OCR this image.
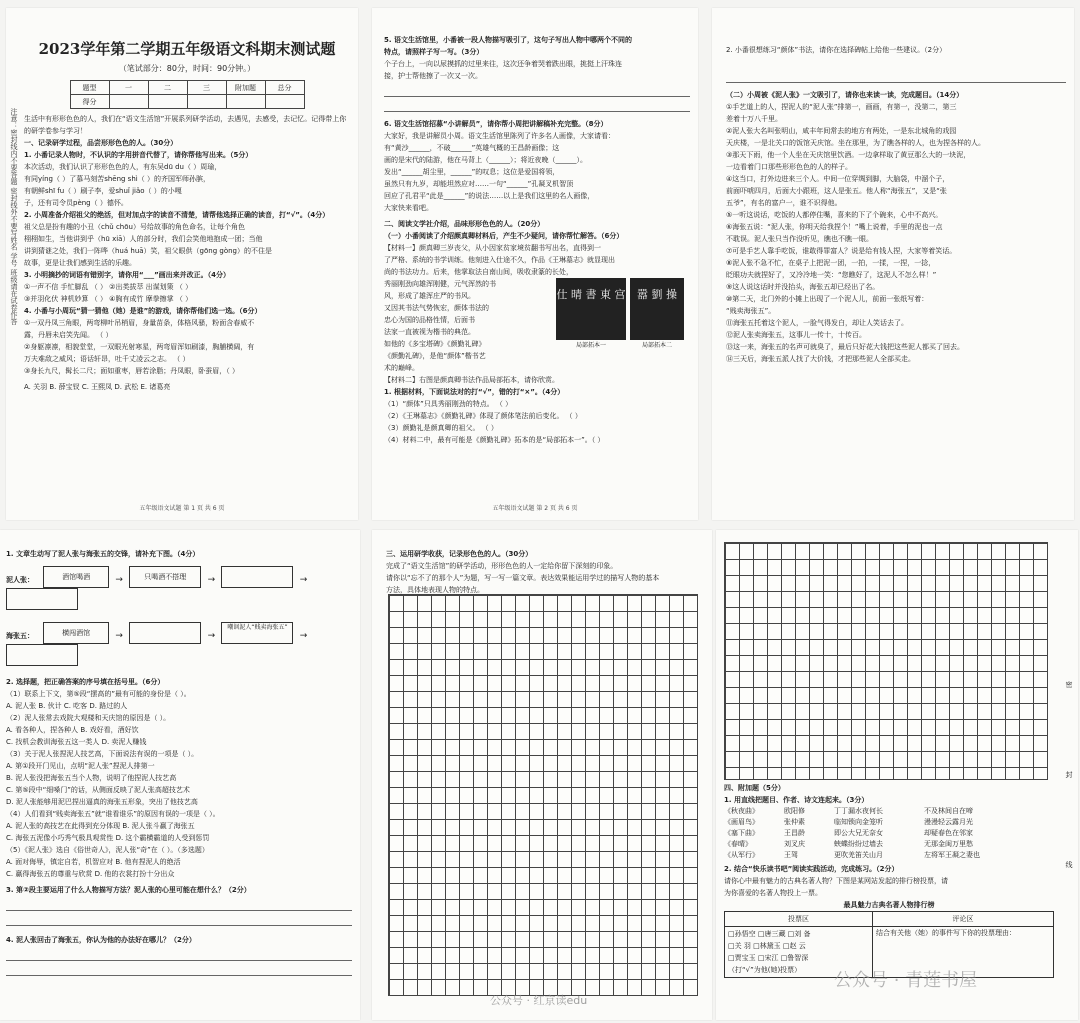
注意：密封线内不要答题 密封线外不要写姓名 学号 班级请在试卷作答
2023学年第二学期五年级语文科期末测试题
（笔试部分：80分，时间：90分钟。）
题型	一	二	三	附加题	总分
得分					
生活中有形形色色的人，我们在“语文生活馆”开展系列研学活动，去遇见，去感受，去记忆。记得带上你的研学卷参与学习！
一、记录研学过程，品尝形形色色的人。（30分）
1. 小番记录人物时，不认识的字用拼音代替了，请你帮他写出来。（5分）
本次活动，我们认识了形形色色的人，有东吴dū du（ ）周瑜，
有同yíng（ ）了慕马刻苦shēng shì（ ）的齐国军师孙膑，
有朝鲜shī fu（ ）刷子李，爱shuǐ jiǎo（ ）的小嘎
子，还有司令员pèng（ ）德怀。
2. 小周准备介绍祖父的绝活，但对加点字的读音不清楚，请帮他选择正确的读音，打“√”。（4分）
祖父总是扮有趣的小丑（chǔ chōu）号给故事的角色命名，让每个角色
栩栩如生，当他讲到乎（hū xiā）人的部分时，我们会笑他地抱成一团；当他
讲到猜谜之处，我们一阵哗（huá huā）笑，祖父眼供（gōng gòng）的不住是
故事，更是让我们感到生活的乐趣。
3. 小明摘抄的词语有错别字，请你用“___”画出来并改正。（4分）
①一声不信 手忙脚乱 （ ） ②出类拔萃 出谋划策 （ ）
③并羽化伏 神机妙算 （ ） ④胸有成竹 摩拳擦掌 （ ）
4. 小番与小周玩“猜一猜他（她）是谁”的游戏，请你帮他们选一选。（6分）
①一双丹凤三角眼，两弯柳叶吊梢眉，身量苗条，体格风骚，粉面含春威不
露，丹唇未启笑先闻。 （ ）
②身躯凛凛，相貌堂堂，一双眼光射寒星，两弯眉浑如刷漆，胸脯横阔，有
万夫难敌之威风；语话轩昂，吐千丈凌云之志。 （ ）
③身长九尺，髯长二尺；面如重枣，唇若涂脂；丹凤眼，卧蚕眉，（ ）
A. 关羽 B. 薛宝钗 C. 王熙凤 D. 武松 E. 诸葛亮
五年级语文试题 第 1 页 共 6 页
5. 语文生活馆里，小番被一段人物描写吸引了，这句子写出人物中哪两个不同的
特点，请照样子写一写。（3分）
个子台上，一向以尿摸抓的过里来往，这次还争着哭着跌出眼，挑挺上汗珠连
接，护士帮他擦了一次又一次。
6. 语文生活馆招募“小讲解员”，请你帮小周把讲解稿补充完整。（8分）
大家好，我是讲解员小周。语文生活馆里陈列了许多名人画像，大家请看：
有“黄沙______，不破______”英雄气概的王昌龄画像；这
画的是宋代的陆游，他在马背上（______）；将近夜晚（______）。
发出“______胡尘里，______”的叹息；这位是爱国将领，
虽然只有九岁，却能坦然应对……一句“______”孔凝叉机智顶
回应了孔君平“此是______”的说法……以上是我们这里的名人画像，
大家快来看吧。
二、阅读文学社介绍，品味形形色色的人。（20分）
（一）小番阅读了介绍颜真卿材料后，产生不少疑问，请你帮忙解答。（6分）
【材料一】颜真卿三岁丧父，从小因家贫家境贫翻书写出名，直得到一
了严格、系统的书学训练。他刻进入仕途不久，作品《王琳墓志》就显现出
尚的书法功力。后来，他掌取法自南山间，吸收隶篆的长处，
秀丽刚劲向雄浑刚健，元气浑然的书
风，形成了雄浑庄严的书风。
又因其书法气势恢宏，颜体书法的
忠心为国的品格性情，后面书
法家一直被视为楷书的典范。
如他的《多宝塔碑》《颜勤礼碑》
《颜勤礼碑》，是他“颜体”楷书艺
术的巅峰。
仕 晴 書 東 宫	嚣 劉 操
局部拓本一	局部拓本二
【材料二】右图是颜真卿书法作品局部拓本，请你欣赏。
1. 根据材料，下面说法对的打“√”，错的打“×”。（4分）
（1）“颜体”只具秀丽刚劲的特点。 （ ）
（2）《王琳墓志》《颜勤礼碑》体现了颜体笔法前后变化。 （ ）
（3）颜勤礼是颜真卿的祖父。 （ ）
（4）材料二中，最有可能是《颜勤礼碑》拓本的是“局部拓本一”。（ ）
五年级语文试题 第 2 页 共 6 页
2. 小番很想练习“颜体”书法，请你在选择碑帖上给他一些建议。（2分）
（二）小周被《泥人张》一文吸引了，请你也来读一读，完成题目。（14分）
①手艺道上的人，捏泥人的“泥人张”排第一，画画，有第一，没第二，第三
差着十万八千里。
②泥人张大名叫张明山，咸丰年间常去的地方有两处，一是东北城角的戏园
天庆楼，一是北关口的饭馆天庆馆。坐在那里，为了瞧各样的人，也为捏各样的人。
③那天下雨，他一个人坐在天庆馆里饮酒。一边拿样取了黄豆那么大的一块泥，
一边看着门口那些形形色色的人的样子。
④这当口，打外边进来三个人。中间一位穿绸到脚，大脑袋，中溜个子，
前面吓唬四月，后面大小跟班，这人是张五。他人称“海张五”，又是“张
五爷”，有名的富户一，谁不识得他。
⑤一听这说话，吃饭的人都停住嘴，喜来的下了个碗来，心中不高兴。
⑥海张五说：“泥人张，你明天给我捏个！”嘴上说着，手里的泥也一点
不耽误。泥人张只当作没听见，瞧也不瞧一眼。
⑦可是手艺人靠手吃饭，谁敢得罪富人？说是给有钱人捏，大家等着笑话。
⑧泥人张不急不忙，在桌子上把泥一团，一拍，一揉，一捏，一捻，
眨眼功夫就捏好了，又冷冷地一笑：“您瞧好了，这泥人不怎么样！”
⑨这人说这话时并没抬头，海张五却已经出了名。
⑩第二天，北门外的小摊上出现了一个泥人儿，前面一张纸写着：
“贱卖海张五”。
⑪海张五托着这个泥人，一脸气得发白，却让人笑话去了。
⑫泥人张卖海张五，这事儿一传十，十传百。
⑬这一来，海张五的名声可就臭了，最后只好花大钱把这些泥人都买了回去。
⑭三天后，海张五派人找了大价钱，才把那些泥人全部买走。
1. 文章生动写了泥人张与海张五的交锋，请补充下图。（4分）
泥人张：	酒馆喝酒	→	只喝酒不搭理 →	→
海张五：	横闯酒馆	→	→ 嘲讽泥人“贱卖海张五” →
2. 选择题，把正确答案的序号填在括号里。（6分）
（1）联系上下文，第⑤段“摆高的”最有可能的身份是（ ）。
A. 泥人张 B. 伙计 C. 吃客 D. 路过的人
（2）泥人张常去戏院大观楼和天庆馆的原因是（ ）。
A. 看各种人，捏各种人 B. 戏好看，酒好饮
C. 找机会教训海张五这一类人 D. 卖泥人赚钱
（3）关于泥人张捏泥人技艺高，下面说法有误的一项是（ ）。
A. 第①段开门见山，点明“泥人张”捏泥人排第一
B. 泥人张没把海张五当个人物，说明了他捏泥人技艺高
C. 第⑤段中“细嗓门”的话，从侧面反映了泥人张高超技艺术
D. 泥人张能够用泥巴捏出逼真的海张五形象，突出了他技艺高
（4）人们看到“贱卖海张五”就“谁看谁乐”的原因有误的一项是（ ）。
A. 泥人张的高技艺在此得到充分体现 B. 泥人张斗赢了海张五
C. 海张五泥像小巧秀气极具观赏性 D. 这个霸横霸道的人受到惩罚
（5）《泥人张》选自《俗世奇人》，泥人张“奇”在（ ）。（多选题）
A. 面对侮辱，镇定自若，机智应对 B. 他有捏泥人的绝活
C. 赢得海张五的尊重与欣赏 D. 他的衣裳打扮十分出众
3. 第②段主要运用了什么人物描写方法？泥人张的心里可能在想什么？（2分）
4. 泥人张回击了海张五，你认为他的办法好在哪儿？（2分）
三、运用研学收获，记录形色色的人。（30分）
完成了“语文生活馆”的研学活动，形形色色的人一定给你留下深刻的印象。
请你以“忘不了的那个人”为题，写一写一篇文章。表达效果能运用学过的描写人物的基本
方法，具体地表现人物的特点。
公众号 · 红京读edu
密
封
线
四、附加题（5分）
1. 用直线把题目、作者、诗文连起来。（3分）
《秋夜曲》	欧阳修	丁丁漏水夜何长	不及林间自在啼
《画眉鸟》	张仲素	临知锁向金笼听	漫漫轻云露月光
《塞下曲》	王昌龄	即公大兄无奈女	却疑春色在邻家
《春晴》	刘叉庆	蛱蝶纷纷过墙去	无那金闺万里愁
《从军行》	王驾	更吹羌笛关山月	左将军王凝之妻也
2. 结合“快乐读书吧”阅读实践活动，完成练习。（2分）
请你心中最有魅力的古典名著人物？下图是某网站发起的排行榜投票，请
为你喜爱的名著人物投上一票。
最具魅力古典名著人物排行榜
投票区	评论区

□孙悟空 □唐三藏 □刘 备
□关 羽 □林黛玉 □赵 云
□贾宝玉 □宋江 □鲁智深
（打“√”为他(她)投票）	结合有关他（她）的事件写下你的投票理由：
公众号 · 青莲书屋
